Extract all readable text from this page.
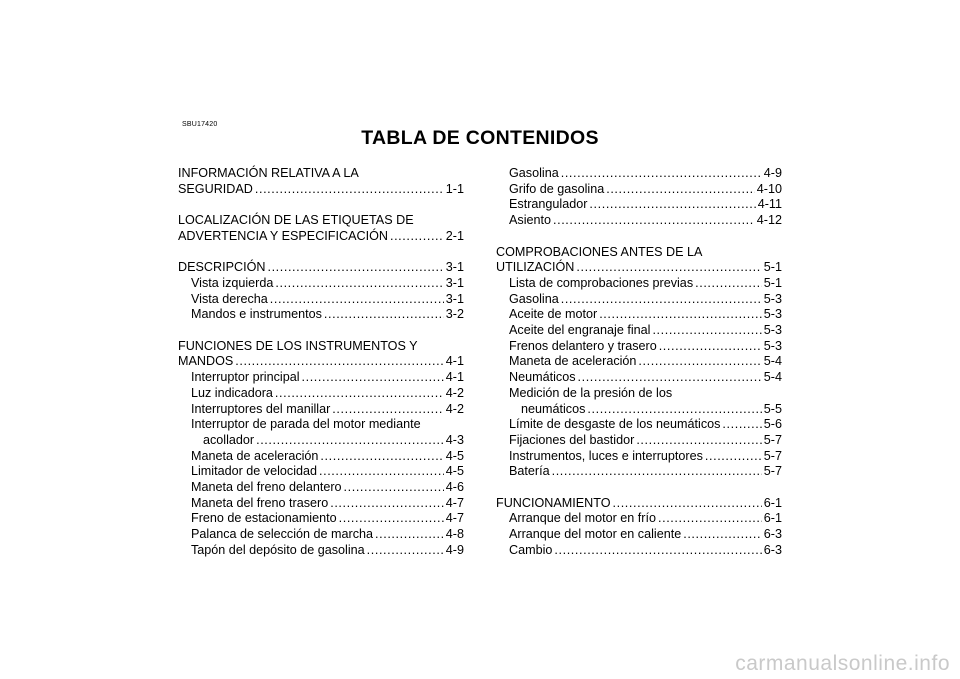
SBU17420
TABLA DE CONTENIDOS
INFORMACIÓN RELATIVA A LA
SEGURIDAD .....	1-1
LOCALIZACIÓN DE LAS ETIQUETAS DE
ADVERTENCIA Y ESPECIFICACIÓN .....	2-1
DESCRIPCIÓN .....	3-1
Vista izquierda .....	3-1
Vista derecha .....	3-1
Mandos e instrumentos .....	3-2
FUNCIONES DE LOS INSTRUMENTOS Y
MANDOS .....	4-1
Interruptor principal .....	4-1
Luz indicadora .....	4-2
Interruptores del manillar .....	4-2
Interruptor de parada del motor mediante
acollador .....	4-3
Maneta de aceleración .....	4-5
Limitador de velocidad .....	4-5
Maneta del freno delantero .....	4-6
Maneta del freno trasero .....	4-7
Freno de estacionamiento .....	4-7
Palanca de selección de marcha .....	4-8
Tapón del depósito de gasolina .....	4-9
Gasolina .....	4-9
Grifo de gasolina .....	4-10
Estrangulador .....	4-11
Asiento .....	4-12
COMPROBACIONES ANTES DE LA
UTILIZACIÓN .....	5-1
Lista de comprobaciones previas .....	5-1
Gasolina .....	5-3
Aceite de motor .....	5-3
Aceite del engranaje final .....	5-3
Frenos delantero y trasero .....	5-3
Maneta de aceleración .....	5-4
Neumáticos .....	5-4
Medición de la presión de los
neumáticos .....	5-5
Límite de desgaste de los neumáticos .....	5-6
Fijaciones del bastidor .....	5-7
Instrumentos, luces e interruptores .....	5-7
Batería .....	5-7
FUNCIONAMIENTO .....	6-1
Arranque del motor en frío .....	6-1
Arranque del motor en caliente .....	6-3
Cambio .....	6-3
carmanualsonline.info
